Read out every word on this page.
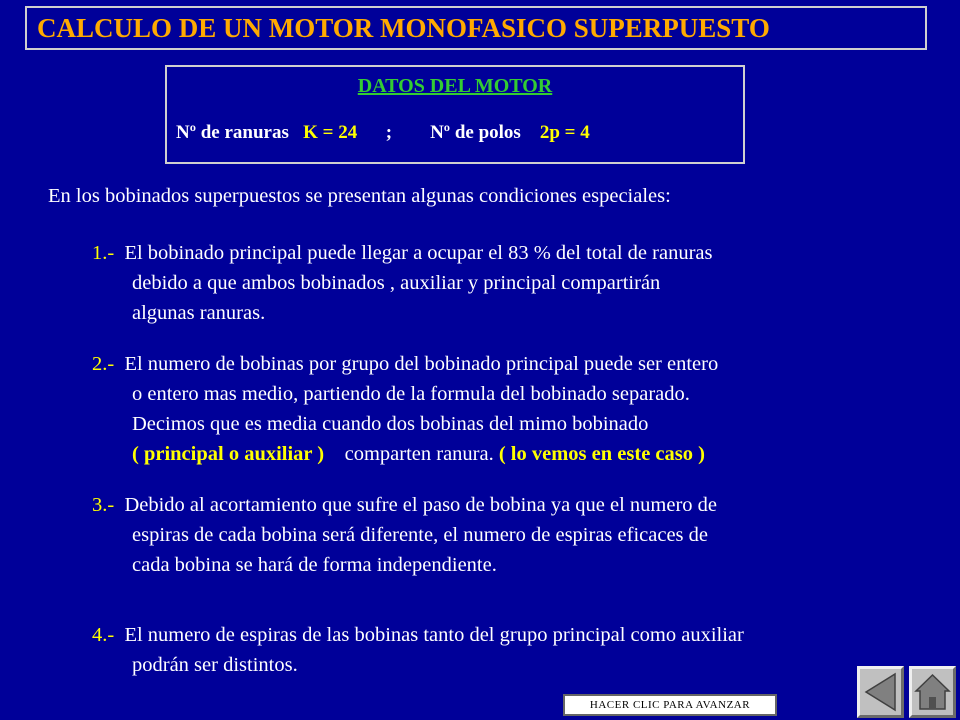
CALCULO DE UN MOTOR MONOFASICO SUPERPUESTO
DATOS DEL MOTOR
Nº de ranuras K = 24 ; Nº de polos 2p = 4
En los bobinados superpuestos se presentan algunas condiciones especiales:
1.- El bobinado principal puede llegar a ocupar el 83 % del total de ranuras
debido a que ambos bobinados , auxiliar y principal compartirán
algunas ranuras.
2.- El numero de bobinas por grupo del bobinado principal puede ser entero
o entero mas medio, partiendo de la formula del bobinado separado.
Decimos que es media cuando dos bobinas del mimo bobinado
( principal o auxiliar ) comparten ranura. ( lo vemos en este caso )
3.- Debido al acortamiento que sufre el paso de bobina ya que el numero de
espiras de cada bobina será diferente, el numero de espiras eficaces de
cada bobina se hará de forma independiente.
4.- El numero de espiras de las bobinas tanto del grupo principal como auxiliar
podrán ser distintos.
HACER CLIC PARA AVANZAR
